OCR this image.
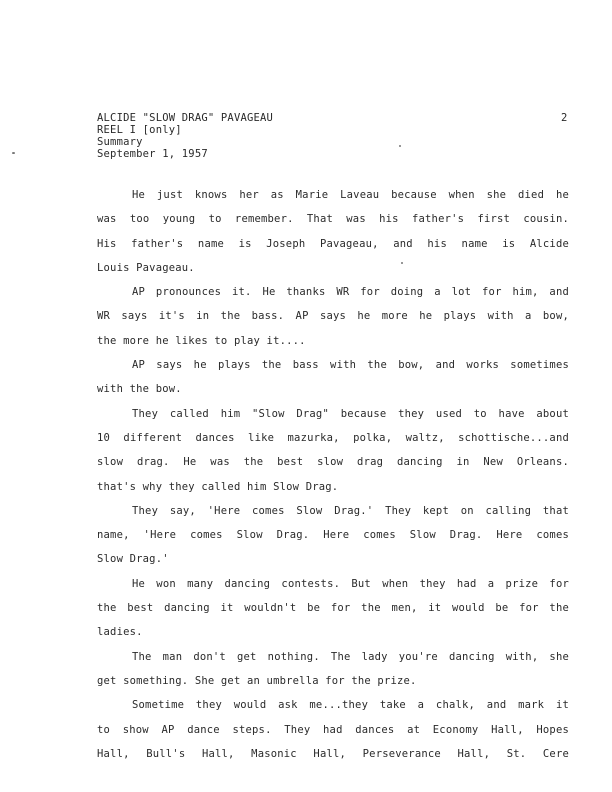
ALCIDE "SLOW DRAG" PAVAGEAU
REEL I [only]
Summary
September 1, 1957
2
He just knows her as Marie Laveau because when she died he
was too young to remember. That was his father's first cousin.
His father's name is Joseph Pavageau, and his name is Alcide
Louis Pavageau.
AP pronounces it. He thanks WR for doing a lot for him, and
WR says it's in the bass. AP says he more he plays with a bow,
the more he likes to play it....
AP says he plays the bass with the bow, and works sometimes
with the bow.
They called him "Slow Drag" because they used to have about
10 different dances like mazurka, polka, waltz, schottische...and
slow drag. He was the best slow drag dancing in New Orleans.
that's why they called him Slow Drag.
They say, 'Here comes Slow Drag.' They kept on calling that
name, 'Here comes Slow Drag. Here comes Slow Drag. Here comes
Slow Drag.'
He won many dancing contests. But when they had a prize for
the best dancing it wouldn't be for the men, it would be for the
ladies.
The man don't get nothing. The lady you're dancing with, she
get something. She get an umbrella for the prize.
Sometime they would ask me...they take a chalk, and mark it
to show AP dance steps. They had dances at Economy Hall, Hopes
Hall, Bull's Hall, Masonic Hall, Perseverance Hall, St. Cere
